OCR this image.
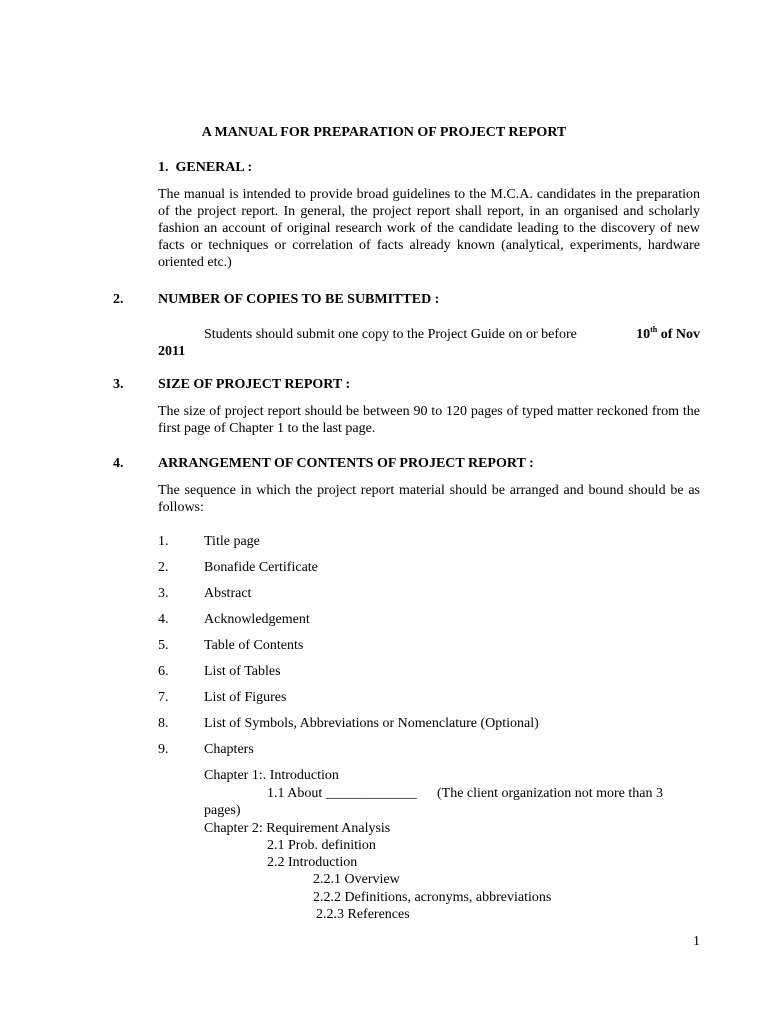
A MANUAL FOR PREPARATION OF PROJECT REPORT
1. GENERAL :
The manual is intended to provide broad guidelines to the M.C.A. candidates in the preparation of the project report. In general, the project report shall report, in an organised and scholarly fashion an account of original research work of the candidate leading to the discovery of new facts or techniques or correlation of facts already known (analytical, experiments, hardware oriented etc.)
2. NUMBER OF COPIES TO BE SUBMITTED :
Students should submit one copy to the Project Guide on or before	10th of Nov
2011
3. SIZE OF PROJECT REPORT :
The size of project report should be between 90 to 120 pages of typed matter reckoned from the first page of Chapter 1 to the last page.
4. ARRANGEMENT OF CONTENTS OF PROJECT REPORT :
The sequence in which the project report material should be arranged and bound should be as follows:
1.	Title page
2.	Bonafide Certificate
3.	Abstract
4.	Acknowledgement
5.	Table of Contents
6.	List of Tables
7.	List of Figures
8.	List of Symbols, Abbreviations or Nomenclature (Optional)
9.	Chapters
Chapter 1:. Introduction
1.1 About _____________ (The client organization not more than 3
pages)
Chapter 2: Requirement Analysis
2.1 Prob. definition
2.2 Introduction
2.2.1 Overview
2.2.2 Definitions, acronyms, abbreviations
2.2.3 References
1
